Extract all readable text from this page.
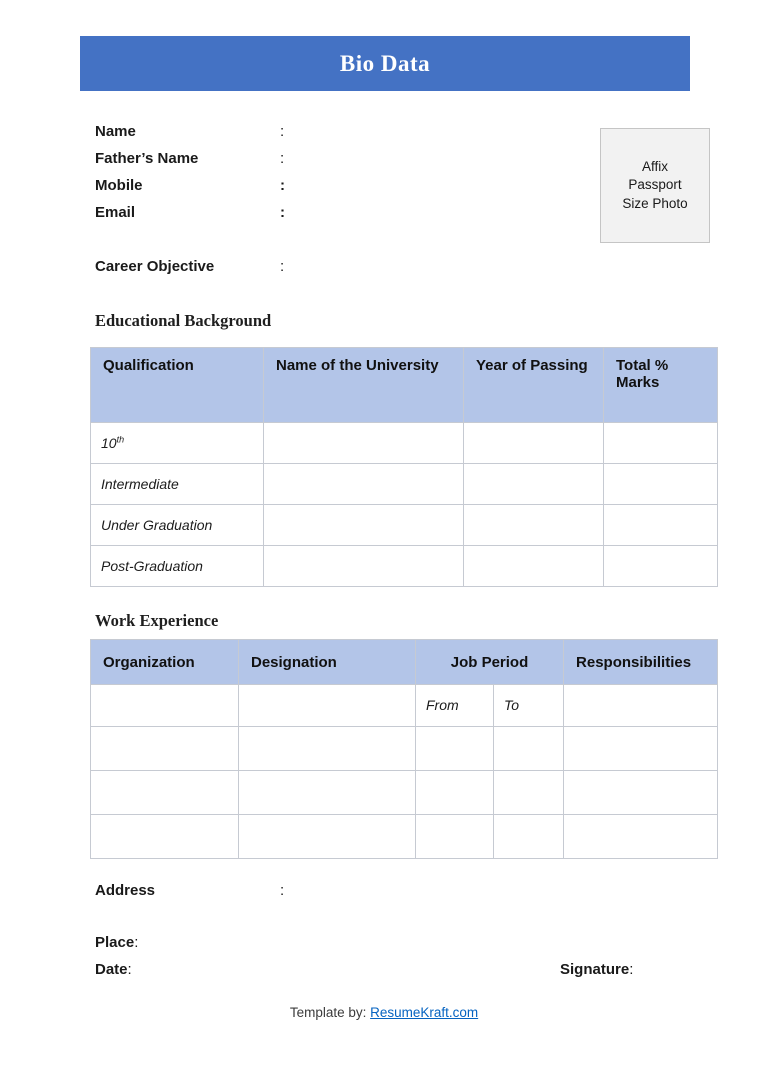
Bio Data
Affix Passport Size Photo
Name	:
Father’s Name	:
Mobile	:
Email	:
Career Objective	:
Educational Background
Qualification	Name of the University	Year of Passing	Total % Marks
10th			
Intermediate			
Under Graduation			
Post-Graduation			
Work Experience
Organization	Designation	Job Period		Responsibilities
		From	To	

Address	:
Place :
Date :	Signature :
Template by: ResumeKraft.com
